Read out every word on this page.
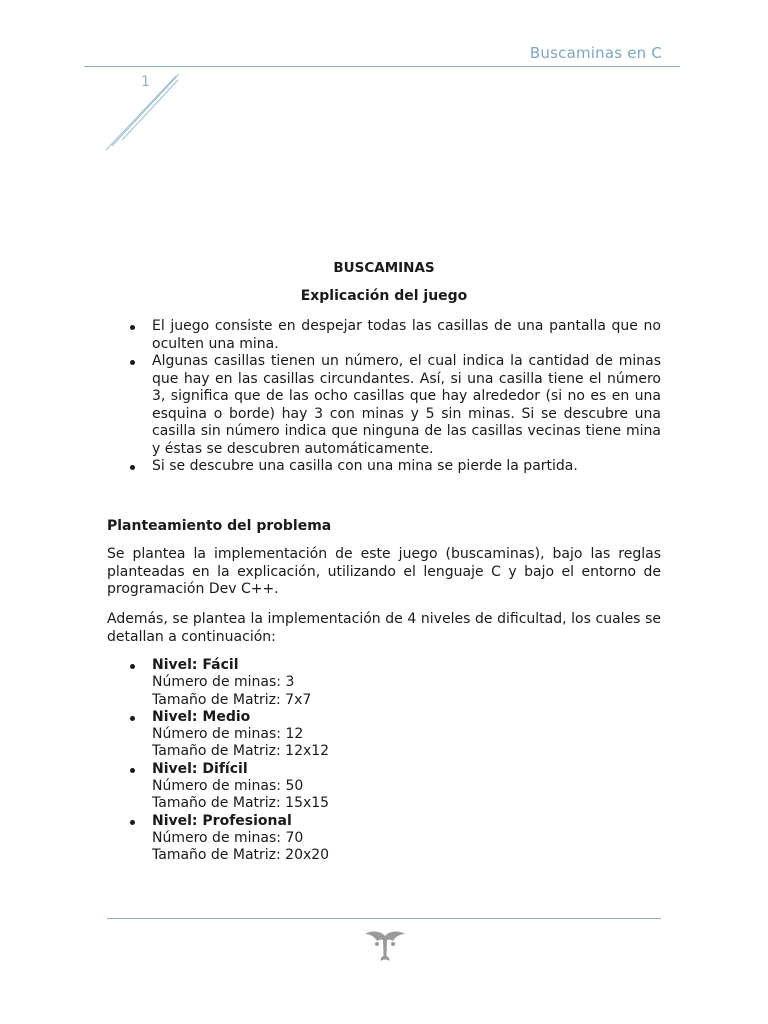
Buscaminas en C
1
BUSCAMINAS
Explicación del juego
El juego consiste en despejar todas las casillas de una pantalla que no oculten una mina.
Algunas casillas tienen un número, el cual indica la cantidad de minas que hay en las casillas circundantes. Así, si una casilla tiene el número 3, significa que de las ocho casillas que hay alrededor (si no es en una esquina o borde) hay 3 con minas y 5 sin minas. Si se descubre una casilla sin número indica que ninguna de las casillas vecinas tiene mina y éstas se descubren automáticamente.
Si se descubre una casilla con una mina se pierde la partida.
Planteamiento del problema

Se plantea la implementación de este juego (buscaminas), bajo las reglas planteadas en la explicación, utilizando el lenguaje C y bajo el entorno de programación Dev C++.

Además, se plantea la implementación de 4 niveles de dificultad, los cuales se detallan a continuación:

Nivel: Fácil
Número de minas: 3
Tamaño de Matriz: 7x7
Nivel: Medio
Número de minas: 12
Tamaño de Matriz: 12x12
Nivel: Difícil
Número de minas: 50
Tamaño de Matriz: 15x15
Nivel: Profesional
Número de minas: 70
Tamaño de Matriz: 20x20
